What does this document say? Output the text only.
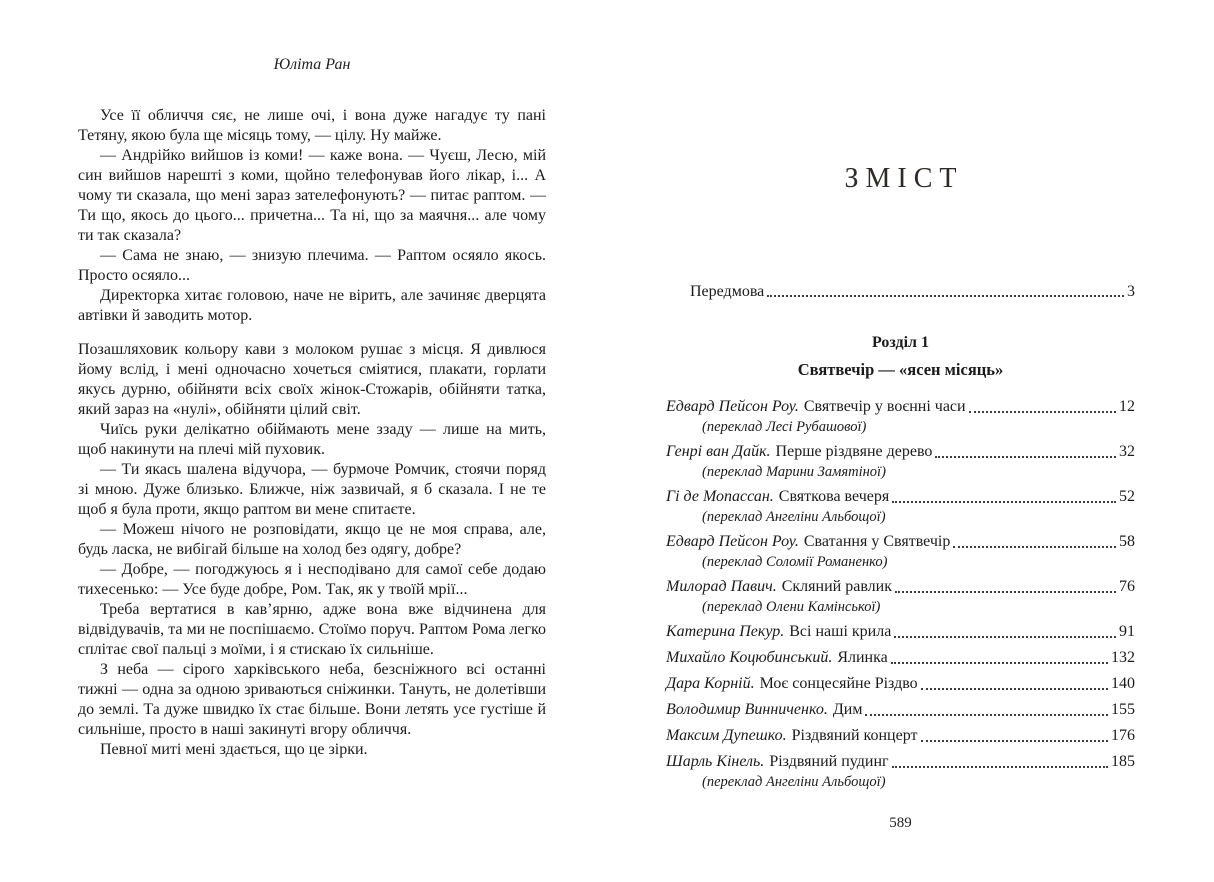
Юліта Ран

Усе її обличчя сяє, не лише очі, і вона дуже нагадує ту пані Тетяну, якою була ще місяць тому, — цілу. Ну майже.

— Андрійко вийшов із коми! — каже вона. — Чуєш, Лесю, мій син вийшов нарешті з коми, щойно телефонував його лікар, і... А чому ти сказала, що мені зараз зателефонують? — питає раптом. — Ти що, якось до цього... причетна... Та ні, що за маячня... але чому ти так сказала?

— Сама не знаю, — знизую плечима. — Раптом осяяло якось. Просто осяяло...

Директорка хитає головою, наче не вірить, але зачиняє дверцята автівки й заводить мотор.

Позашляховик кольору кави з молоком рушає з місця. Я дивлюся йому вслід, і мені одночасно хочеться сміятися, плакати, горлати якусь дурню, обійняти всіх своїх жінок-Стожарів, обійняти татка, який зараз на «нулі», обійняти цілий світ.

Чиїсь руки делікатно обіймають мене ззаду — лише на мить, щоб накинути на плечі мій пуховик.

— Ти якась шалена відучора, — бурмоче Ромчик, стоячи поряд зі мною. Дуже близько. Ближче, ніж зазвичай, я б сказала. І не те щоб я була проти, якщо раптом ви мене спитаєте.

— Можеш нічого не розповідати, якщо це не моя справа, але, будь ласка, не вибігай більше на холод без одягу, добре?

— Добре, — погоджуюсь я і несподівано для самої себе додаю тихесенько: — Усе буде добре, Ром. Так, як у твоїй мрії...

Треба вертатися в кав’ярню, адже вона вже відчинена для відвідувачів, та ми не поспішаємо. Стоїмо поруч. Раптом Рома легко сплітає свої пальці з моїми, і я стискаю їх сильніше.

З неба — сірого харківського неба, безсніжного всі останні тижні — одна за одною зриваються сніжинки. Тануть, не долетівши до землі. Та дуже швидко їх стає більше. Вони летять усе густіше й сильніше, просто в наші закинуті вгору обличчя.

Певної миті мені здається, що це зірки.

ЗМІСТ
Передмова	3
Розділ 1
Святвечір — «ясен місяць»
Едвард Пейсон Роу. Святвечір у воєнні часи	12
(переклад Лесі Рубашової)
Генрі ван Дайк. Перше різдвяне дерево	32
(переклад Марини Замятіної)
Гі де Мопассан. Святкова вечеря	52
(переклад Ангеліни Альбощої)
Едвард Пейсон Роу. Сватання у Святвечір	58
(переклад Соломії Романенко)
Милорад Павич. Скляний равлик	76
(переклад Олени Камінської)
Катерина Пекур. Всі наші крила	91
Михайло Коцюбинський. Ялинка	132
Дара Корній. Моє сонцесяйне Різдво	140
Володимир Винниченко. Дим	155
Максим Дупешко. Різдвяний концерт	176
Шарль Кінель. Різдвяний пудинг	185
(переклад Ангеліни Альбощої)
589
